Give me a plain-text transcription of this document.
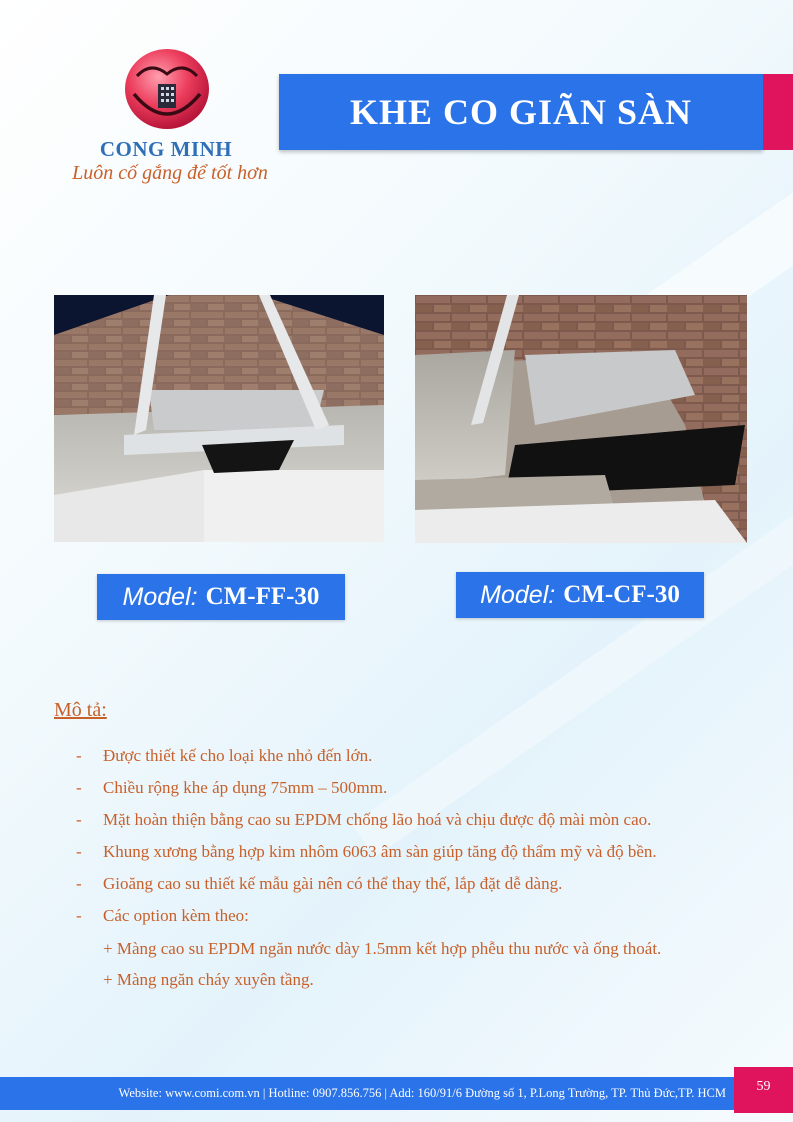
CONG MINH
Luôn cố gắng để tốt hơn
KHE CO GIÃN SÀN
Model: CM-FF-30	Model: CM-CF-30
Mô tả:
-	Được thiết kế cho loại khe nhỏ đến lớn.
-	Chiều rộng khe áp dụng 75mm – 500mm.
-	Mặt hoàn thiện bằng cao su EPDM chống lão hoá và chịu được độ mài mòn cao.
-	Khung xương bằng hợp kim nhôm 6063 âm sàn giúp tăng độ thẩm mỹ và độ bền.
-	Gioăng cao su thiết kế mẫu gài nên có thể thay thế, lắp đặt dễ dàng.
-	Các option kèm theo:
+ Màng cao su EPDM ngăn nước dày 1.5mm kết hợp phễu thu nước và ống thoát.
+ Màng ngăn cháy xuyên tầng.
Website: www.comi.com.vn | Hotline: 0907.856.756 | Add: 160/91/6 Đường số 1, P.Long Trường, TP. Thủ Đức,TP. HCM	59
